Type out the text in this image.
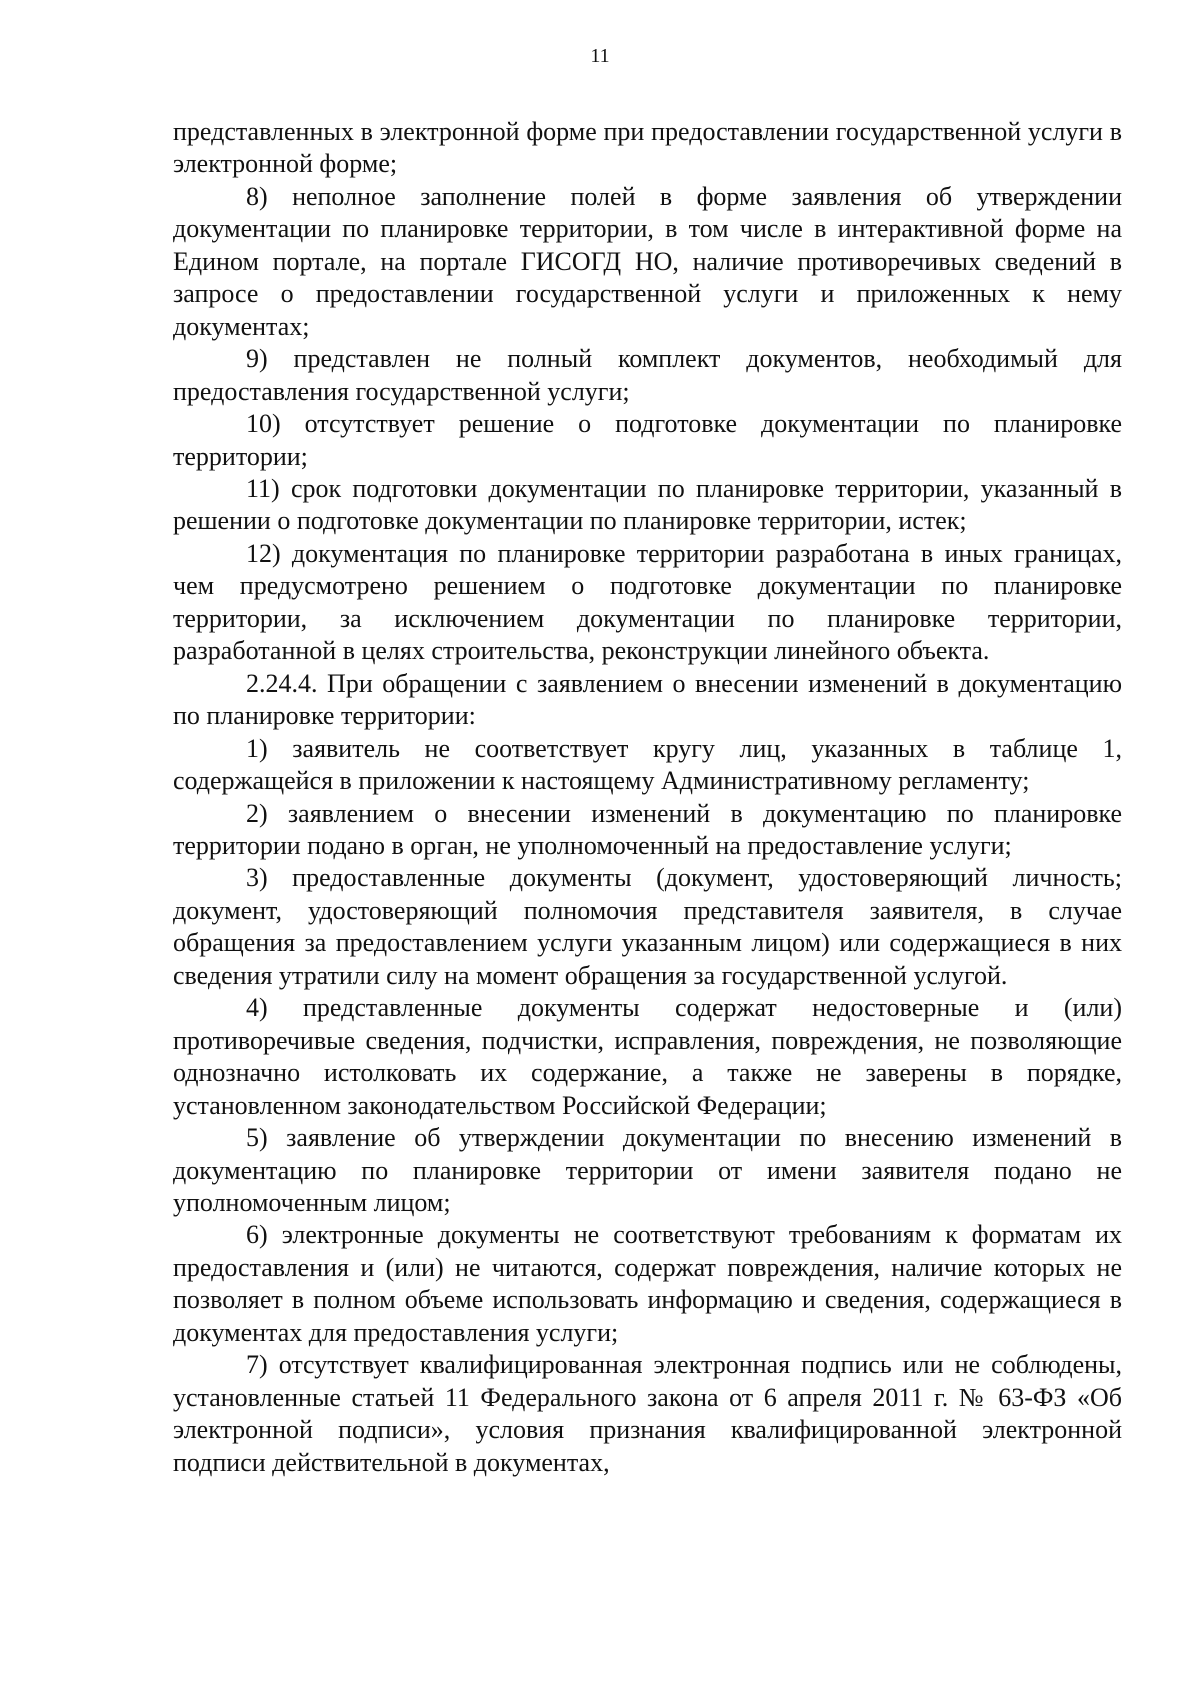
11

представленных в электронной форме при предоставлении государственной услуги в электронной форме;

8) неполное заполнение полей в форме заявления об утверждении документации по планировке территории, в том числе в интерактивной форме на Едином портале, на портале ГИСОГД НО, наличие противоречивых сведений в запросе о предоставлении государственной услуги и приложенных к нему документах;

9) представлен не полный комплект документов, необходимый для предоставления государственной услуги;

10) отсутствует решение о подготовке документации по планировке территории;

11) срок подготовки документации по планировке территории, указанный в решении о подготовке документации по планировке территории, истек;

12) документация по планировке территории разработана в иных границах, чем предусмотрено решением о подготовке документации по планировке территории, за исключением документации по планировке территории, разработанной в целях строительства, реконструкции линейного объекта.

2.24.4. При обращении с заявлением о внесении изменений в документацию по планировке территории:

1) заявитель не соответствует кругу лиц, указанных в таблице 1, содержащейся в приложении к настоящему Административному регламенту;

2) заявлением о внесении изменений в документацию по планировке территории подано в орган, не уполномоченный на предоставление услуги;

3) предоставленные документы (документ, удостоверяющий личность; документ, удостоверяющий полномочия представителя заявителя, в случае обращения за предоставлением услуги указанным лицом) или содержащиеся в них сведения утратили силу на момент обращения за государственной услугой.

4) представленные документы содержат недостоверные и (или) противоречивые сведения, подчистки, исправления, повреждения, не позволяющие однозначно истолковать их содержание, а также не заверены в порядке, установленном законодательством Российской Федерации;

5) заявление об утверждении документации по внесению изменений в документацию по планировке территории от имени заявителя подано не уполномоченным лицом;

6) электронные документы не соответствуют требованиям к форматам их предоставления и (или) не читаются, содержат повреждения, наличие которых не позволяет в полном объеме использовать информацию и сведения, содержащиеся в документах для предоставления услуги;

7) отсутствует квалифицированная электронная подпись или не соблюдены, установленные статьей 11 Федерального закона от 6 апреля 2011 г. № 63-ФЗ «Об электронной подписи», условия признания квалифицированной электронной подписи действительной в документах,
